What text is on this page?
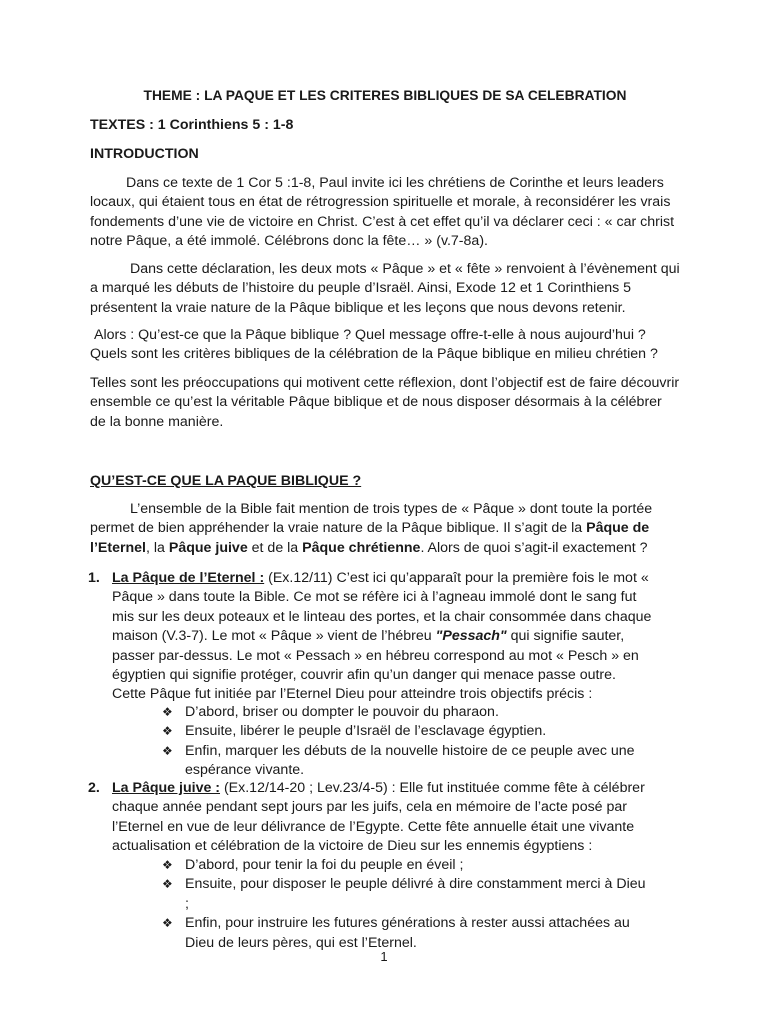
THEME : LA PAQUE ET LES CRITERES BIBLIQUES DE SA CELEBRATION

TEXTES : 1 Corinthiens 5 : 1-8

INTRODUCTION

Dans ce texte de 1 Cor 5 :1-8, Paul invite ici les chrétiens de Corinthe et leurs leaders locaux, qui étaient tous en état de rétrogression spirituelle et morale, à reconsidérer les vrais fondements d’une vie de victoire en Christ. C’est à cet effet qu’il va déclarer ceci : « car christ notre Pâque, a été immolé. Célébrons donc la fête… » (v.7-8a).

Dans cette déclaration, les deux mots « Pâque » et « fête » renvoient à l’évènement qui a marqué les débuts de l’histoire du peuple d’Israël. Ainsi, Exode 12 et 1 Corinthiens 5 présentent la vraie nature de la Pâque biblique et les leçons que nous devons retenir.

Alors : Qu’est-ce que la Pâque biblique ? Quel message offre-t-elle à nous aujourd’hui ? Quels sont les critères bibliques de la célébration de la Pâque biblique en milieu chrétien ?

Telles sont les préoccupations qui motivent cette réflexion, dont l’objectif est de faire découvrir ensemble ce qu’est la véritable Pâque biblique et de nous disposer désormais à la célébrer de la bonne manière.

QU’EST-CE QUE LA PAQUE BIBLIQUE ?

L’ensemble de la Bible fait mention de trois types de « Pâque » dont toute la portée permet de bien appréhender la vraie nature de la Pâque biblique. Il s’agit de la Pâque de l’Eternel, la Pâque juive et de la Pâque chrétienne. Alors de quoi s’agit-il exactement ?

1. La Pâque de l’Eternel : (Ex.12/11) C’est ici qu’apparaît pour la première fois le mot « Pâque » dans toute la Bible. Ce mot se réfère ici à l’agneau immolé dont le sang fut mis sur les deux poteaux et le linteau des portes, et la chair consommée dans chaque maison (V.3-7). Le mot « Pâque » vient de l’hébreu "Pessach" qui signifie sauter, passer par-dessus. Le mot « Pessach » en hébreu correspond au mot « Pesch » en égyptien qui signifie protéger, couvrir afin qu’un danger qui menace passe outre. Cette Pâque fut initiée par l’Eternel Dieu pour atteindre trois objectifs précis :

❖ D’abord, briser ou dompter le pouvoir du pharaon.
❖ Ensuite, libérer le peuple d’Israël de l’esclavage égyptien.
❖ Enfin, marquer les débuts de la nouvelle histoire de ce peuple avec une espérance vivante.
2. La Pâque juive : (Ex.12/14-20 ; Lev.23/4-5) : Elle fut instituée comme fête à célébrer chaque année pendant sept jours par les juifs, cela en mémoire de l’acte posé par l’Eternel en vue de leur délivrance de l’Egypte. Cette fête annuelle était une vivante actualisation et célébration de la victoire de Dieu sur les ennemis égyptiens :

❖ D’abord, pour tenir la foi du peuple en éveil ;
❖ Ensuite, pour disposer le peuple délivré à dire constamment merci à Dieu ;
❖ Enfin, pour instruire les futures générations à rester aussi attachées au Dieu de leurs pères, qui est l’Eternel.
1
